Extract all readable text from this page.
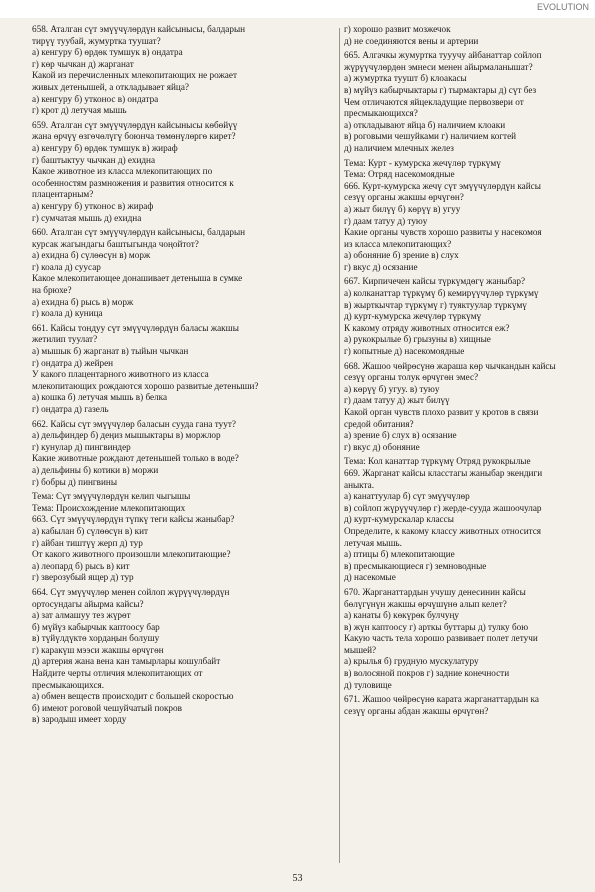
EVOLUTION
658. Аталган сүт эмүүчүлөрдүн кайсынысы, балдарын
тирүү туубай, жумуртка туушат?
а) кенгуру б) өрдөк тумшук в) ондатра
г) көр чычкан д) жарганат
Какой из перечисленных млекопитающих не рожает
живых детенышей, а откладывает яйца?
а) кенгуру б) утконос в) ондатра
г) крот д) летучая мышь
659. Аталган сүт эмүүчүлөрдүн кайсынысы көбөйүү
жана өрчүү өзгөчөлүгү боюнча төмөнүлөргө кирет?
а) кенгуру б) өрдөк тумшук в) жираф
г) баштыктуу чычкан д) ехидна
Какое животное из класса млекопитающих по
особенностям размножения и развития относится к
плацентарным?
а) кенгуру б) утконос в) жираф
г) сумчатая мышь д) ехидна
660. Аталган сүт эмүүчүлөрдүн кайсынысы, балдарын
курсак жагындагы баштыгында чоңойтот?
а) ехидна б) сүлөөсүн в) морж
г) коала д) суусар
Какое млекопитающее донашивает детеныша в сумке
на брюхе?
а) ехидна б) рысь в) морж
г) коала д) куница
661. Кайсы тондуу сүт эмүүчүлөрдүн баласы жакшы
жетилип туулат?
а) мышык б) жарганат в) тыйын чычкан
г) ондатра д) жейрен
У какого плацентарного животного из класса
млекопитающих рождаются хорошо развитые детеныши?
а) кошка б) летучая мышь в) белка
г) ондатра д) газель
662. Кайсы сүт эмүүчүлөр баласын сууда гана туут?
а) дельфиндер б) деңиз мышыктары в) моржлор
г) кунулар д) пингвиндер
Какие животные рождают детенышей только в воде?
а) дельфины б) котики в) моржи
г) бобры д) пингвины
Тема: Сүт эмүүчүлөрдүн келип чыгышы
Тема: Происхождение млекопитающих
663. Сүт эмүүчүлөрдүн түпкү теги кайсы жаныбар?
а) кабылан б) сүлөөсүн в) кит
г) айбан тиштүү жерп д) тур
От какого животного произошли млекопитающие?
а) леопард б) рысь в) кит
г) зверозубый ящер д) тур
664. Сүт эмүүчүлөр менен сойлоп жүрүүчүлөрдүн
ортосундагы айырма кайсы?
а) зат алмашуу тез жүрөт
б) мүйүз кабырчык каптоосу бар
в) түйүлдүктө хордаңын болушу
г) каракүш мээси жакшы өрчүгөн
д) артерия жана вена кан тамырлары кошулбайт
Найдите черты отличия млекопитающих от
пресмыкающихся.
а) обмен веществ происходит с большей скоростью
б) имеют роговой чешуйчатый покров
в) зародыш имеет хорду
г) хорошо развит мозжечок
д) не соединяются вены и артерии
665. Алгачкы жумуртка тууучу айбанаттар сойлоп
жүрүүчүлөрдөн эмнеси менен айырмаланышат?
а) жумуртка туушт б) клоакасы
в) мүйүз кабырчыктары г) тырмактары д) сүт без
Чем отличаются яйцекладущие первозвери от
пресмыкающихся?
а) откладывают яйца б) наличием клоаки
в) роговыми чешуйками г) наличием когтей
д) наличием млечных желез
Тема: Курт - кумурска жечүлөр түркүмү
Тема: Отряд насекомоядные
666. Курт-кумурска жечү сүт эмүүчүлөрдүн кайсы
сезүү органы жакшы өрчүгөн?
а) жыт билүү б) көрүү в) угуу
г) даам татуу д) туюу
Какие органы чувств хорошо развиты у насекомоя
из класса млекопитающих?
а) обоняние б) зрение в) слух
г) вкус д) осязание
667. Кирпичечен кайсы түркүмдөгү жаныбар?
а) колканаттар түркүмү б) кемирүүчүлөр түркүмү
в) жырткычтар түркүмү г) туяктуулар түркүмү
д) курт-кумурска жечүлөр түркүмү
К какому отряду животных относится еж?
а) рукокрылые б) грызуны в) хищные
г) копытные д) насекомоядные
668. Жашоо чөйрөсүнө жараша көр чычкандын кайсы
сезүү органы толук өрчүгөн эмес?
а) көрүү б) угуу. в) туюу
г) даам татуу д) жыт билүү
Какой орган чувств плохо развит у кротов в связи
средой обитания?
а) зрение б) слух в) осязание
г) вкус д) обоняние
Тема: Кол канаттар түркүмү Отряд рукокрылые
669. Жарганат кайсы класстагы жаныбар экендиги
аныкта.
а) канаттуулар б) сүт эмүүчүлөр
в) сойлоп жүрүүчүлөр г) жерде-сууда жашоочулар
д) курт-кумурскалар классы
Определите, к какому классу животных относится
летучая мышь.
а) птицы б) млекопитающие
в) пресмыкающиеся г) земноводные
д) насекомые
670. Жарганаттардын учушу денесинин кайсы
бөлүгүнүн жакшы өрчүшүнө алып келет?
а) канаты б) көкүрөк булчуңу
в) жүн каптоосу г) арткы буттары д) тулку бою
Какую часть тела хорошо развивает полет летучи
мышей?
а) крылья б) грудную мускулатуру
в) волосяной покров г) задние конечности
д) туловище
671. Жашоо чөйрөсүнө карата жарганаттардын ка
сезүү органы абдан жакшы өрчүгөн?
53
